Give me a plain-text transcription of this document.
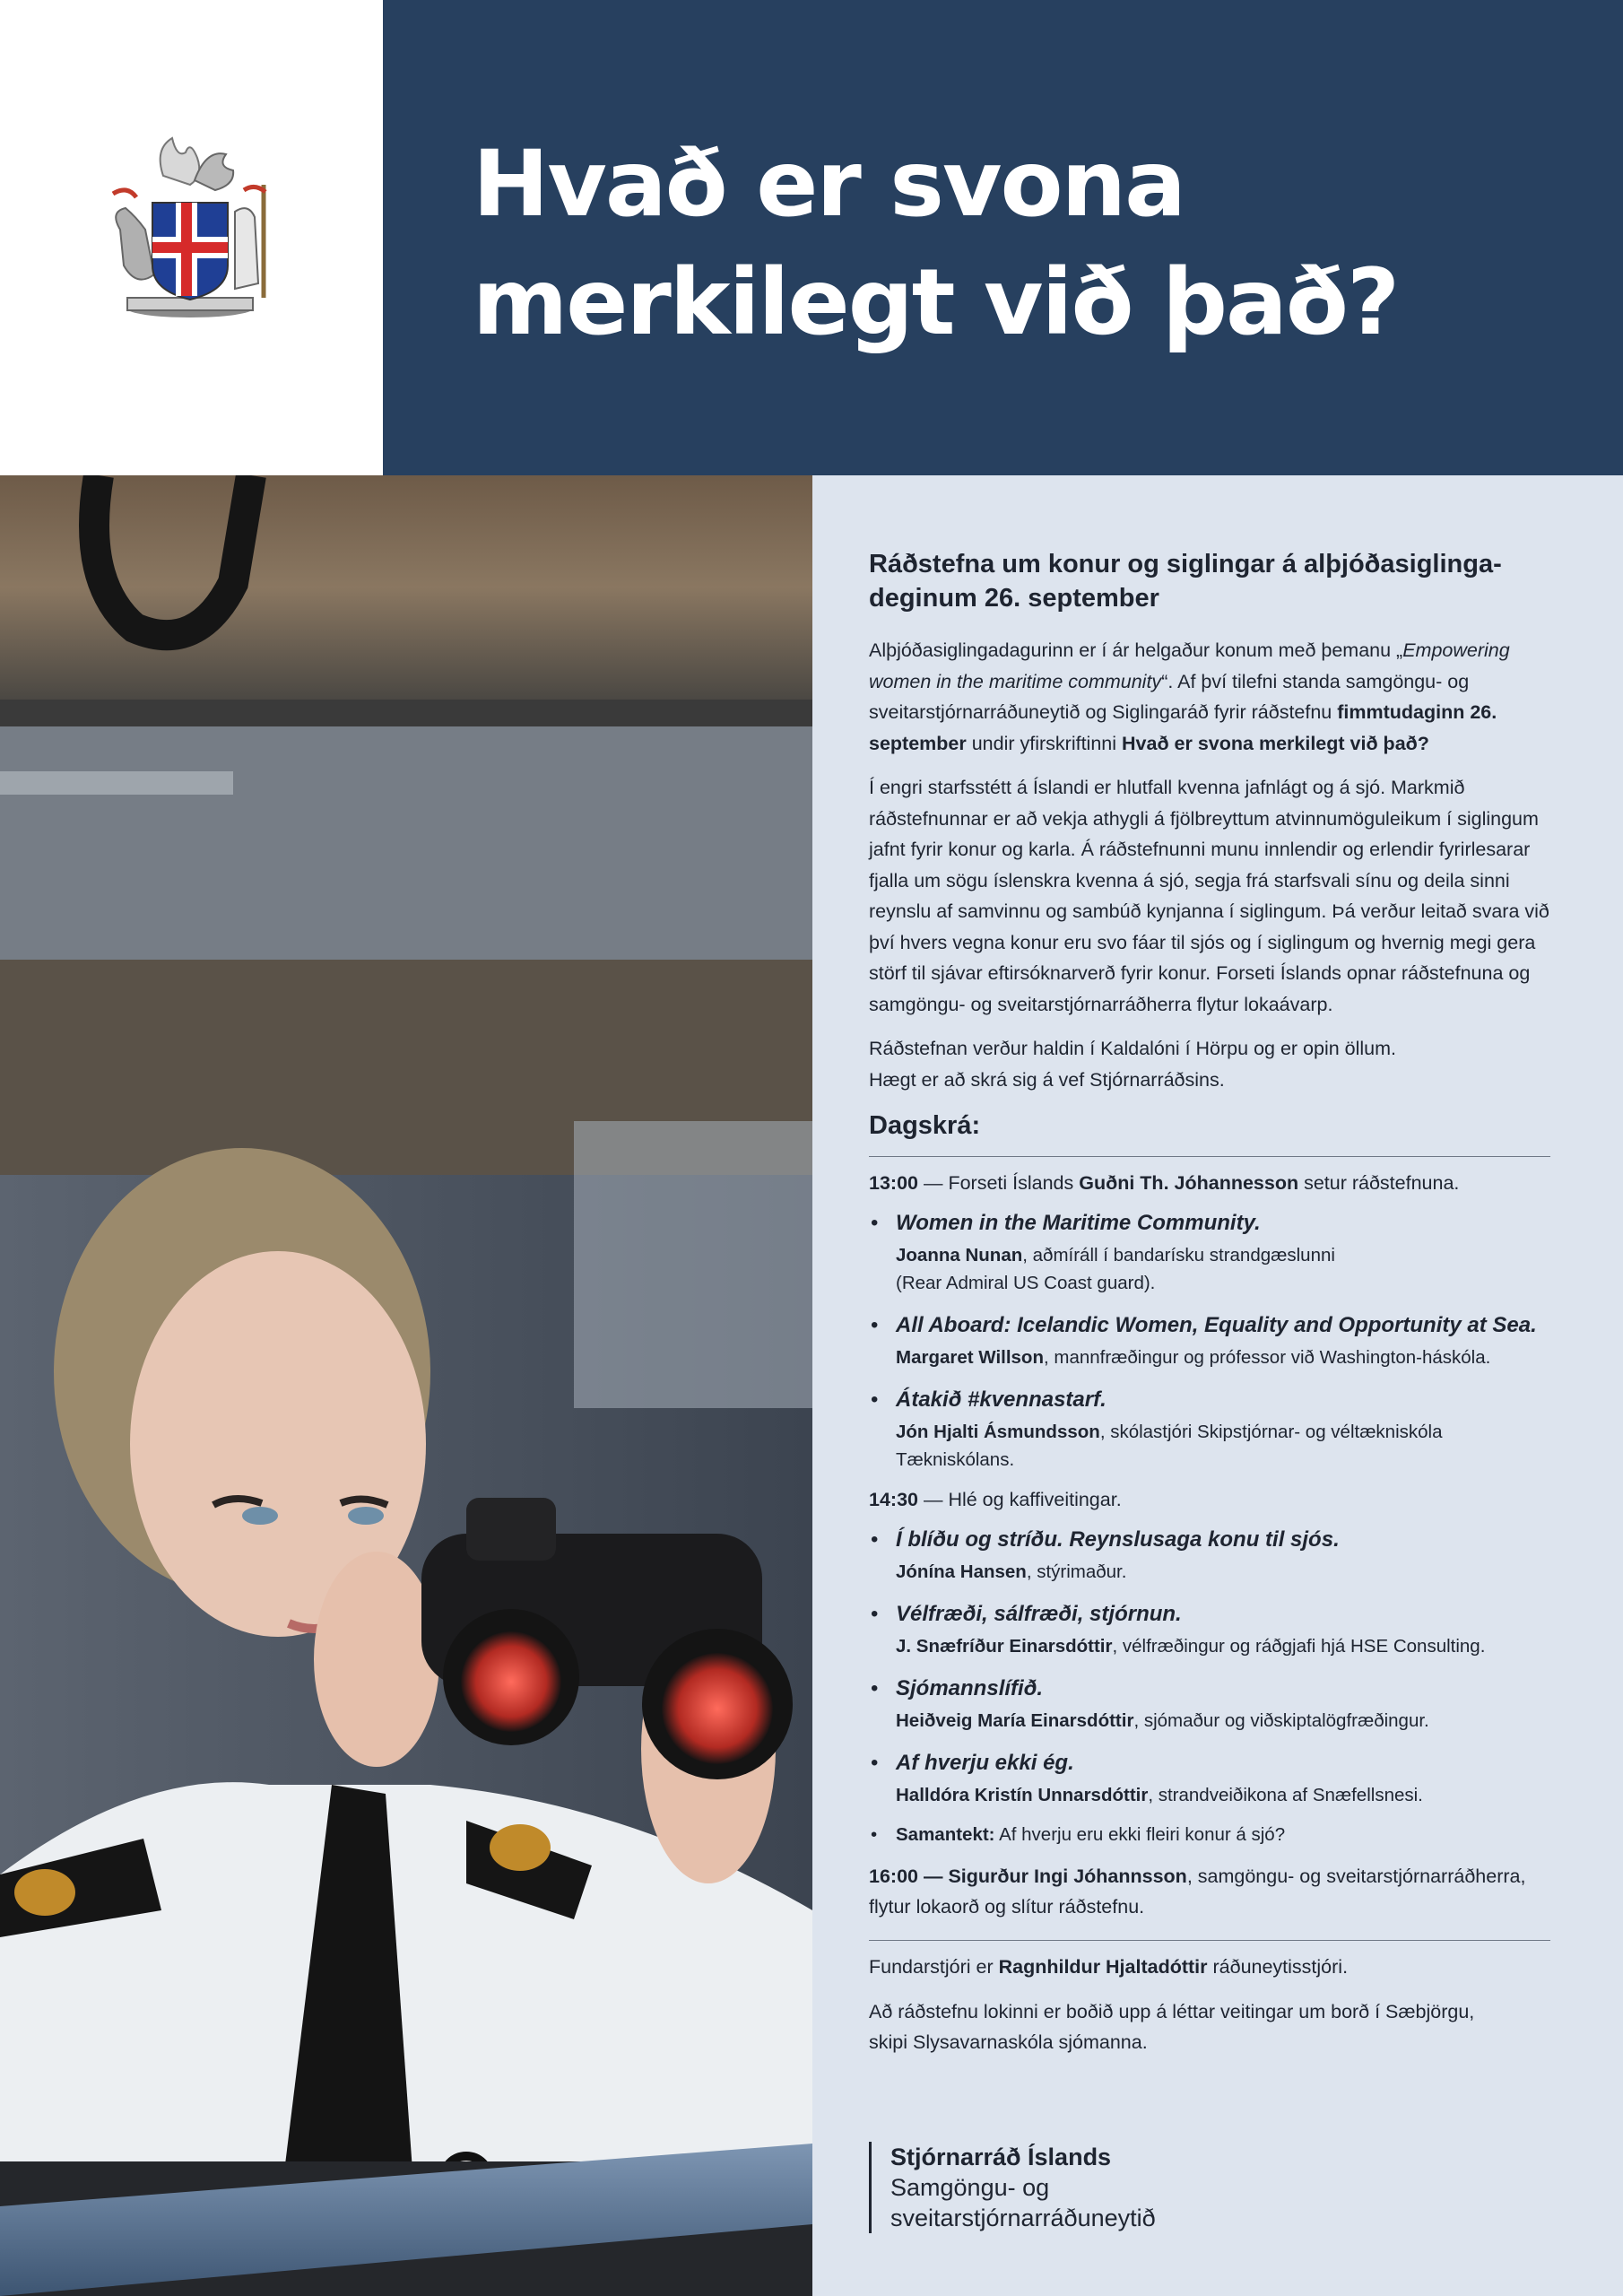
Hvað er svona
merkilegt við það?
Ráðstefna um konur og siglingar á alþjóðasiglinga-
deginum 26. september

Alþjóðasiglingadagurinn er í ár helgaður konum með þemanu „Empowering women in the maritime community“. Af því tilefni standa samgöngu- og sveitarstjórnarráðuneytið og Siglingaráð fyrir ráðstefnu fimmtudaginn 26. september undir yfirskriftinni Hvað er svona merkilegt við það?

Í engri starfsstétt á Íslandi er hlutfall kvenna jafnlágt og á sjó. Markmið ráðstefnunnar er að vekja athygli á fjölbreyttum atvinnumöguleikum í siglingum jafnt fyrir konur og karla. Á ráðstefnunni munu innlendir og erlendir fyrirlesarar fjalla um sögu íslenskra kvenna á sjó, segja frá starfsvali sínu og deila sinni reynslu af samvinnu og sambúð kynjanna í siglingum. Þá verður leitað svara við því hvers vegna konur eru svo fáar til sjós og í siglingum og hvernig megi gera störf til sjávar eftirsóknarverð fyrir konur. Forseti Íslands opnar ráðstefnuna og samgöngu- og sveitarstjórnarráðherra flytur lokaávarp.

Ráðstefnan verður haldin í Kaldalóni í Hörpu og er opin öllum.
Hægt er að skrá sig á vef Stjórnarráðsins.

Dagskrá:
13:00 — Forseti Íslands Guðni Th. Jóhannesson setur ráðstefnuna.
• Women in the Maritime Community.
Joanna Nunan, aðmíráll í bandarísku strandgæslunni
(Rear Admiral US Coast guard).
• All Aboard: Icelandic Women, Equality and Opportunity at Sea.
Margaret Willson, mannfræðingur og prófessor við Washington-háskóla.
• Átakið #kvennastarf.
Jón Hjalti Ásmundsson, skólastjóri Skipstjórnar- og véltækniskóla Tækniskólans.
14:30 — Hlé og kaffiveitingar.
• Í blíðu og stríðu. Reynslusaga konu til sjós.
Jónína Hansen, stýrimaður.
• Vélfræði, sálfræði, stjórnun.
J. Snæfríður Einarsdóttir, vélfræðingur og ráðgjafi hjá HSE Consulting.
• Sjómannslífið.
Heiðveig María Einarsdóttir, sjómaður og viðskiptalögfræðingur.
• Af hverju ekki ég.
Halldóra Kristín Unnarsdóttir, strandveiðikona af Snæfellsnesi.
• Samantekt: Af hverju eru ekki fleiri konur á sjó?
16:00 — Sigurður Ingi Jóhannsson, samgöngu- og sveitarstjórnarráðherra,
flytur lokaorð og slítur ráðstefnu.

Fundarstjóri er Ragnhildur Hjaltadóttir ráðuneytisstjóri.

Að ráðstefnu lokinni er boðið upp á léttar veitingar um borð í Sæbjörgu,
skipi Slysavarnaskóla sjómanna.

Stjórnarráð Íslands
Samgöngu- og
sveitarstjórnarráðuneytið
